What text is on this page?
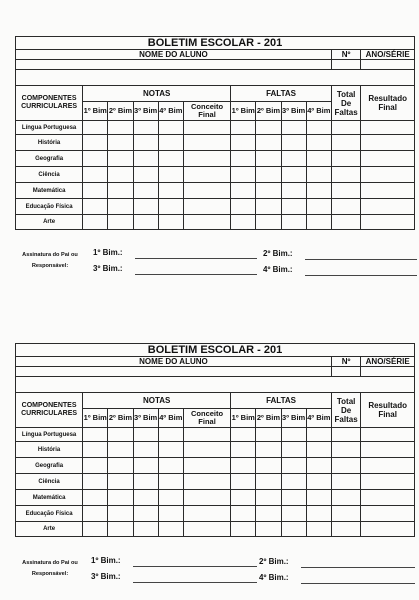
BOLETIM ESCOLAR - 201											
NOME DO ALUNO										Nº	ANO/SÉRIE

COMPONENTES CURRICULARES	NOTAS					FALTAS				Total De Faltas	Resultado Final
	1º Bim	2º Bim	3º Bim	4º Bim	Conceito Final	1º Bim	2º Bim	3º Bim	4º Bim		
Língua Portuguesa											
História											
Geografia											
Ciência											
Matemática											
Educação Física											
Arte											
Assinatura do Pai ou Responsável:
1º Bim.:	2º Bim.:
3º Bim.:	4º Bim.:
BOLETIM ESCOLAR - 201											
NOME DO ALUNO										Nº	ANO/SÉRIE

COMPONENTES CURRICULARES	NOTAS					FALTAS				Total De Faltas	Resultado Final
	1º Bim	2º Bim	3º Bim	4º Bim	Conceito Final	1º Bim	2º Bim	3º Bim	4º Bim		
Língua Portuguesa											
História											
Geografia											
Ciência											
Matemática											
Educação Física											
Arte											
Assinatura do Pai ou Responsável:
1º Bim.:	2º Bim.:
3º Bim.:	4º Bim.:
